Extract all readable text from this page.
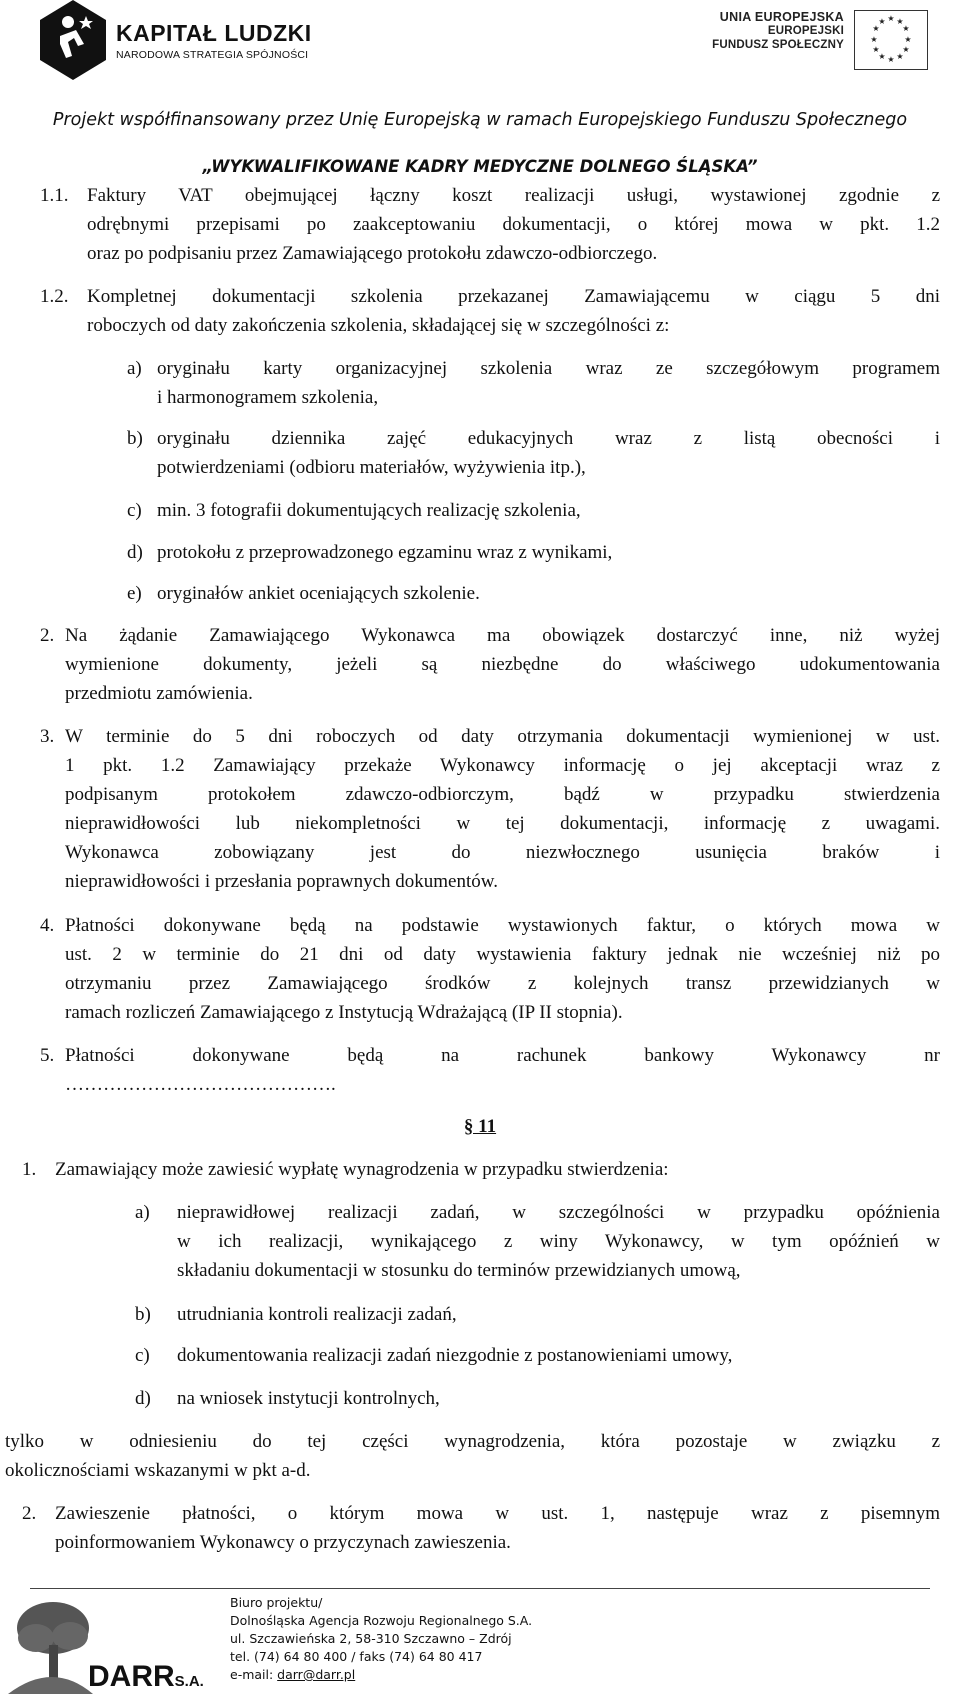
KAPITAŁ LUDZKI
NARODOWA STRATEGIA SPÓJNOŚCI
UNIA EUROPEJSKA
EUROPEJSKI
FUNDUSZ SPOŁECZNY
★ ★
★
★
★
★
★
★
★
★
★
★
Projekt współfinansowany przez Unię Europejską w ramach Europejskiego Funduszu Społecznego
„WYKWALIFIKOWANE KADRY MEDYCZNE DOLNEGO ŚLĄSKA”
1.1. Faktury VAT obejmującej łączny koszt realizacji usługi, wystawionej zgodnie z
odrębnymi przepisami po zaakceptowaniu dokumentacji, o której mowa w pkt. 1.2
oraz po podpisaniu przez Zamawiającego protokołu zdawczo-odbiorczego.
1.2. Kompletnej dokumentacji szkolenia przekazanej Zamawiającemu w ciągu 5 dni
roboczych od daty zakończenia szkolenia, składającej się w szczególności z:
a) oryginału karty organizacyjnej szkolenia wraz ze szczegółowym programem
i harmonogramem szkolenia,
b) oryginału dziennika zajęć edukacyjnych wraz z listą obecności i
potwierdzeniami (odbioru materiałów, wyżywienia itp.),
c) min. 3 fotografii dokumentujących realizację szkolenia,
d) protokołu z przeprowadzonego egzaminu wraz z wynikami,
e) oryginałów ankiet oceniających szkolenie.
2. Na żądanie Zamawiającego Wykonawca ma obowiązek dostarczyć inne, niż wyżej
wymienione dokumenty, jeżeli są niezbędne do właściwego udokumentowania
przedmiotu zamówienia.
3. W terminie do 5 dni roboczych od daty otrzymania dokumentacji wymienionej w ust.
1 pkt. 1.2 Zamawiający przekaże Wykonawcy informację o jej akceptacji wraz z
podpisanym protokołem zdawczo-odbiorczym, bądź w przypadku stwierdzenia
nieprawidłowości lub niekompletności w tej dokumentacji, informację z uwagami.
Wykonawca zobowiązany jest do niezwłocznego usunięcia braków i
nieprawidłowości i przesłania poprawnych dokumentów.
4. Płatności dokonywane będą na podstawie wystawionych faktur, o których mowa w
ust. 2 w terminie do 21 dni od daty wystawienia faktury jednak nie wcześniej niż po
otrzymaniu przez Zamawiającego środków z kolejnych transz przewidzianych w
ramach rozliczeń Zamawiającego z Instytucją Wdrażającą (IP II stopnia).
5. Płatności dokonywane będą na rachunek bankowy Wykonawcy nr
…………………………………….
§ 11
1. Zamawiający może zawiesić wypłatę wynagrodzenia w przypadku stwierdzenia:
a) nieprawidłowej realizacji zadań, w szczególności w przypadku opóźnienia
w ich realizacji, wynikającego z winy Wykonawcy, w tym opóźnień w
składaniu dokumentacji w stosunku do terminów przewidzianych umową,
b) utrudniania kontroli realizacji zadań,
c) dokumentowania realizacji zadań niezgodnie z postanowieniami umowy,
d) na wniosek instytucji kontrolnych,
tylko w odniesieniu do tej części wynagrodzenia, która pozostaje w związku z
okolicznościami wskazanymi w pkt a-d.
2. Zawieszenie płatności, o którym mowa w ust. 1, następuje wraz z pisemnym
poinformowaniem Wykonawcy o przyczynach zawieszenia.
DARRS.A.
Biuro projektu/
Dolnośląska Agencja Rozwoju Regionalnego S.A.
ul. Szczawieńska 2, 58-310 Szczawno – Zdrój
tel. (74) 64 80 400 / faks (74) 64 80 417
e-mail: darr@darr.pl
